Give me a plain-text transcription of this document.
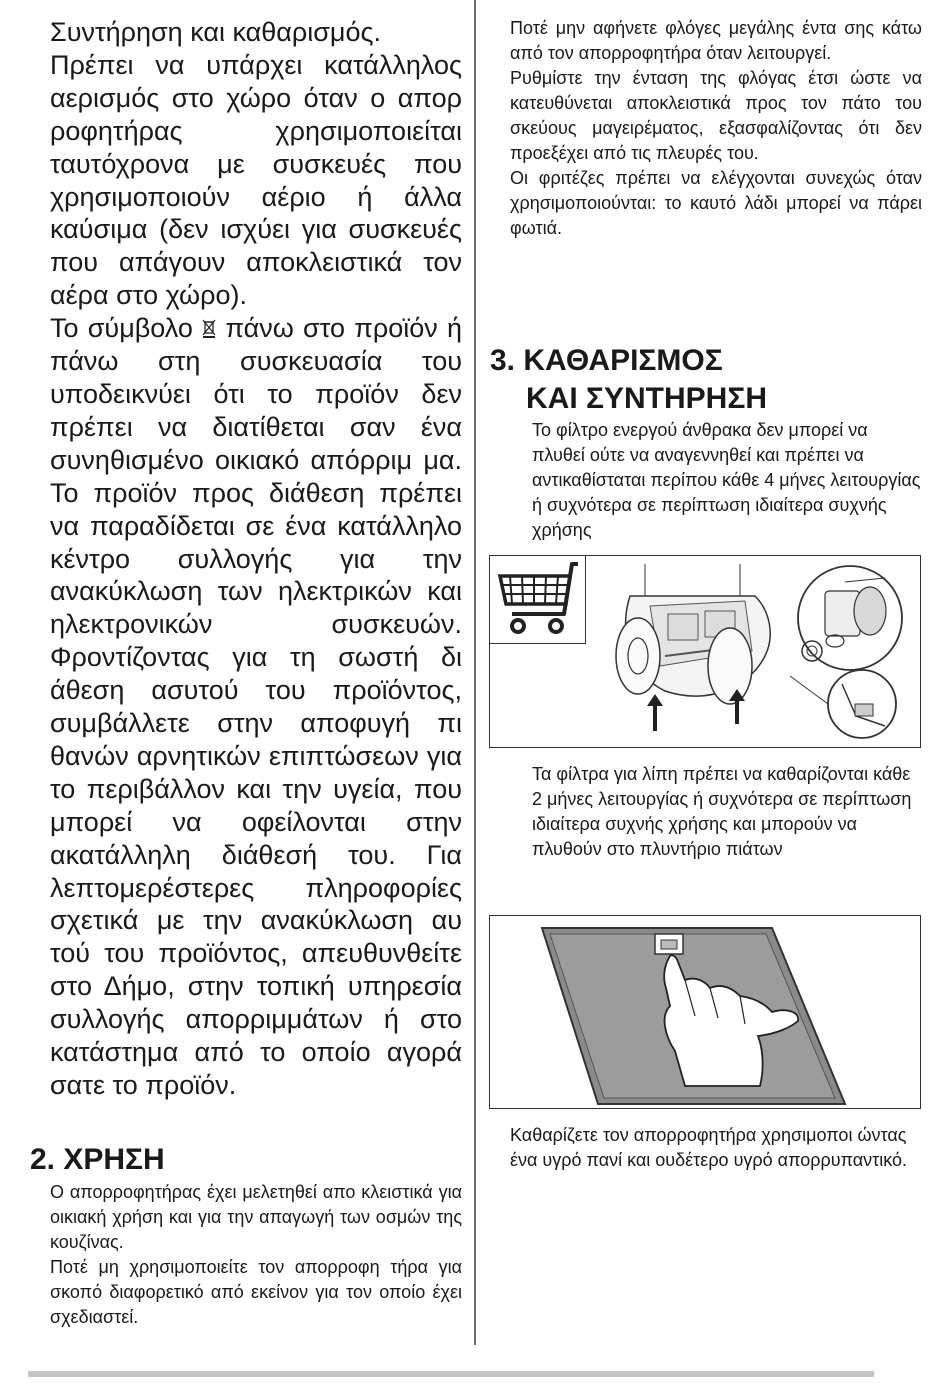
Συντήρηση και καθαρισμός.

Πρέπει να υπάρχει κατάλληλος αερισμός στο χώρο όταν ο απορ ροφητήρας χρησιμοποιείται ταυτόχρονα με συσκευές που χρησιμοποιούν αέριο ή άλλα καύσιμα (δεν ισχύει για συσκευές που απάγουν αποκλειστικά τον αέρα στο χώρο).

Το σύμβολο πάνω στο προϊόν ή πάνω στη συσκευασία του υποδεικνύει ότι το προϊόν δεν πρέπει να διατίθεται σαν ένα συνηθισμένο οικιακό απόρριμ μα. Το προϊόν προς διάθεση πρέπει να παραδίδεται σε ένα κατάλληλο κέντρο συλλογής για την ανακύκλωση των ηλεκτρικών και ηλεκτρονικών συσκευών. Φροντίζοντας για τη σωστή δι άθεση ασυτού του προϊόντος, συμβάλλετε στην αποφυγή πι θανών αρνητικών επιπτώσεων για το περιβάλλον και την υγεία, που μπορεί να οφείλονται στην ακατάλληλη διάθεσή του. Για λεπτομερέστερες πληροφορίες σχετικά με την ανακύκλωση αυ τού του προϊόντος, απευθυνθείτε στο Δήμο, στην τοπική υπηρεσία συλλογής απορριμμάτων ή στο κατάστημα από το οποίο αγορά σατε το προϊόν.

2. ΧΡΗΣΗ

Ο απορροφητήρας έχει μελετηθεί απο κλειστικά για οικιακή χρήση και για την απαγωγή των οσμών της κουζίνας.

Ποτέ μη χρησιμοποιείτε τον απορροφη τήρα για σκοπό διαφορετικό από εκείνον για τον οποίο έχει σχεδιαστεί.

Ποτέ μην αφήνετε φλόγες μεγάλης έντα σης κάτω από τον απορροφητήρα όταν λειτουργεί.

Ρυθμίστε την ένταση της φλόγας έτσι ώστε να κατευθύνεται αποκλειστικά προς τον πάτο του σκεύους μαγειρέματος, εξασφαλίζοντας ότι δεν προεξέχει από τις πλευρές του.

Οι φριτέζες πρέπει να ελέγχονται συνεχώς όταν χρησιμοποιούνται: το καυτό λάδι μπορεί να πάρει φωτιά.

3. ΚΑΘΑΡΙΣΜΟΣ
ΚΑΙ ΣΥΝΤΗΡΗΣΗ
Το φίλτρο ενεργού άνθρακα δεν μπορεί να πλυθεί ούτε να αναγεννηθεί και πρέπει να αντικαθίσταται περίπου κάθε 4 μήνες λειτουργίας ή συχνότερα σε περίπτωση ιδιαίτερα συχνής χρήσης
Τα φίλτρα για λίπη πρέπει να καθαρίζονται κάθε 2 μήνες λειτουργίας ή συχνότερα σε περίπτωση ιδιαίτερα συχνής χρήσης και μπορούν να πλυθούν στο πλυντήριο πιάτων
Καθαρίζετε τον απορροφητήρα χρησιμοποι ώντας ένα υγρό πανί και ουδέτερο υγρό απορρυπαντικό.
